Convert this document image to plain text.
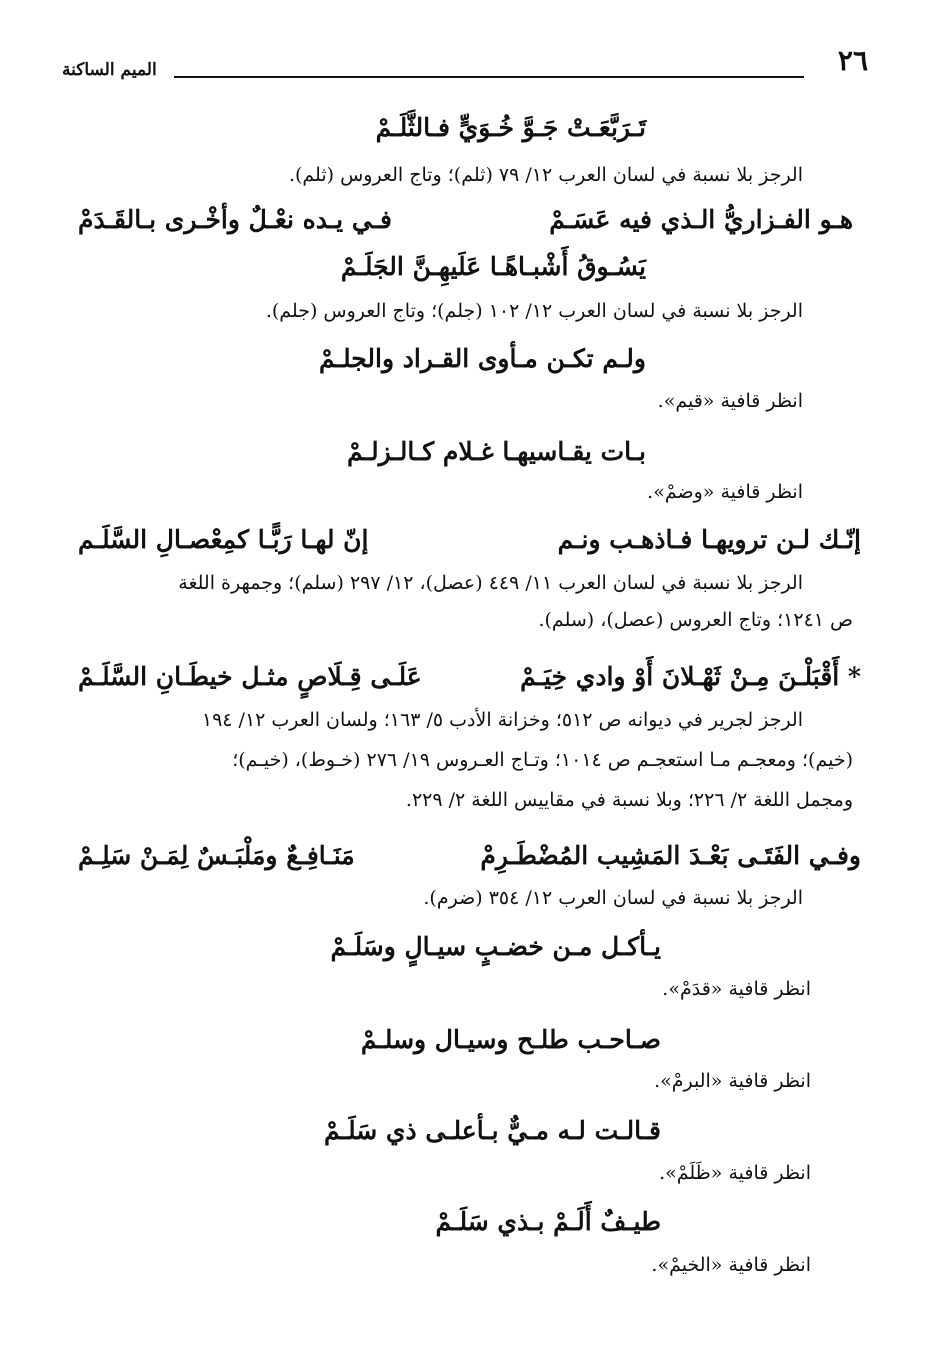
٢٦
الميم الساكنة
تَـرَبَّعَـتْ جَـوَّ خُـوَيٍّ فـالثَّلَـمْ
الرجز بلا نسبة في لسان العرب ١٢/ ٧٩ (ثلم)؛ وتاج العروس (ثلم).
هـو الفـزاريُّ الـذي فيه عَسَـمْ
فـي يـده نعْـلٌ وأخْـرى بـالقَـدَمْ
يَسُـوقُ أَشْبـاهًـا عَلَيهِـنَّ الجَلَـمْ
الرجز بلا نسبة في لسان العرب ١٢/ ١٠٢ (جلم)؛ وتاج العروس (جلم).
ولـم تكـن مـأوى القـراد والجلـمْ
انظر قافية «قيم».
بـات يقـاسيهـا غـلام كـالـزلـمْ
انظر قافية «وضمْ».
إنّـك لـن ترويهـا فـاذهـب ونـم
إنّ لهـا رَبًّـا كمِعْصـالِ السَّلَـم
الرجز بلا نسبة في لسان العرب ١١/ ٤٤٩ (عصل)، ١٢/ ٢٩٧ (سلم)؛ وجمهرة اللغة
ص ١٢٤١؛ وتاج العروس (عصل)، (سلم).
* أَقْبَلْـنَ مِـنْ ثَهْـلانَ أَوْ وادي خِيَـمْ
عَلَـى قِـلَاصٍ مثـل خيطَـانِ السَّلَـمْ
الرجز لجرير في ديوانه ص ٥١٢؛ وخزانة الأدب ٥/ ١٦٣؛ ولسان العرب ١٢/ ١٩٤
(خيم)؛ ومعجـم مـا استعجـم ص ١٠١٤؛ وتـاج العـروس ١٩/ ٢٧٦ (خـوط)، (خيـم)؛
ومجمل اللغة ٢/ ٢٢٦؛ وبلا نسبة في مقاييس اللغة ٢/ ٢٢٩.
وفـي الفَتَـى بَعْـدَ المَشِيب المُضْطَـرِمْ
مَنَـافِـعٌ ومَلْبَـسٌ لِمَـنْ سَلِـمْ
الرجز بلا نسبة في لسان العرب ١٢/ ٣٥٤ (ضرم).
يـأكـل مـن خضـبٍ سيـالٍ وسَلَـمْ
انظر قافية «قدَمْ».
صـاحـب طلـح وسيـال وسلـمْ
انظر قافية «البرمْ».
قـالـت لـه مـيٌّ بـأعلـى ذي سَلَـمْ
انظر قافية «ظَلَمْ».
طيـفٌ أَلَـمْ بـذي سَلَـمْ
انظر قافية «الخيمْ».
